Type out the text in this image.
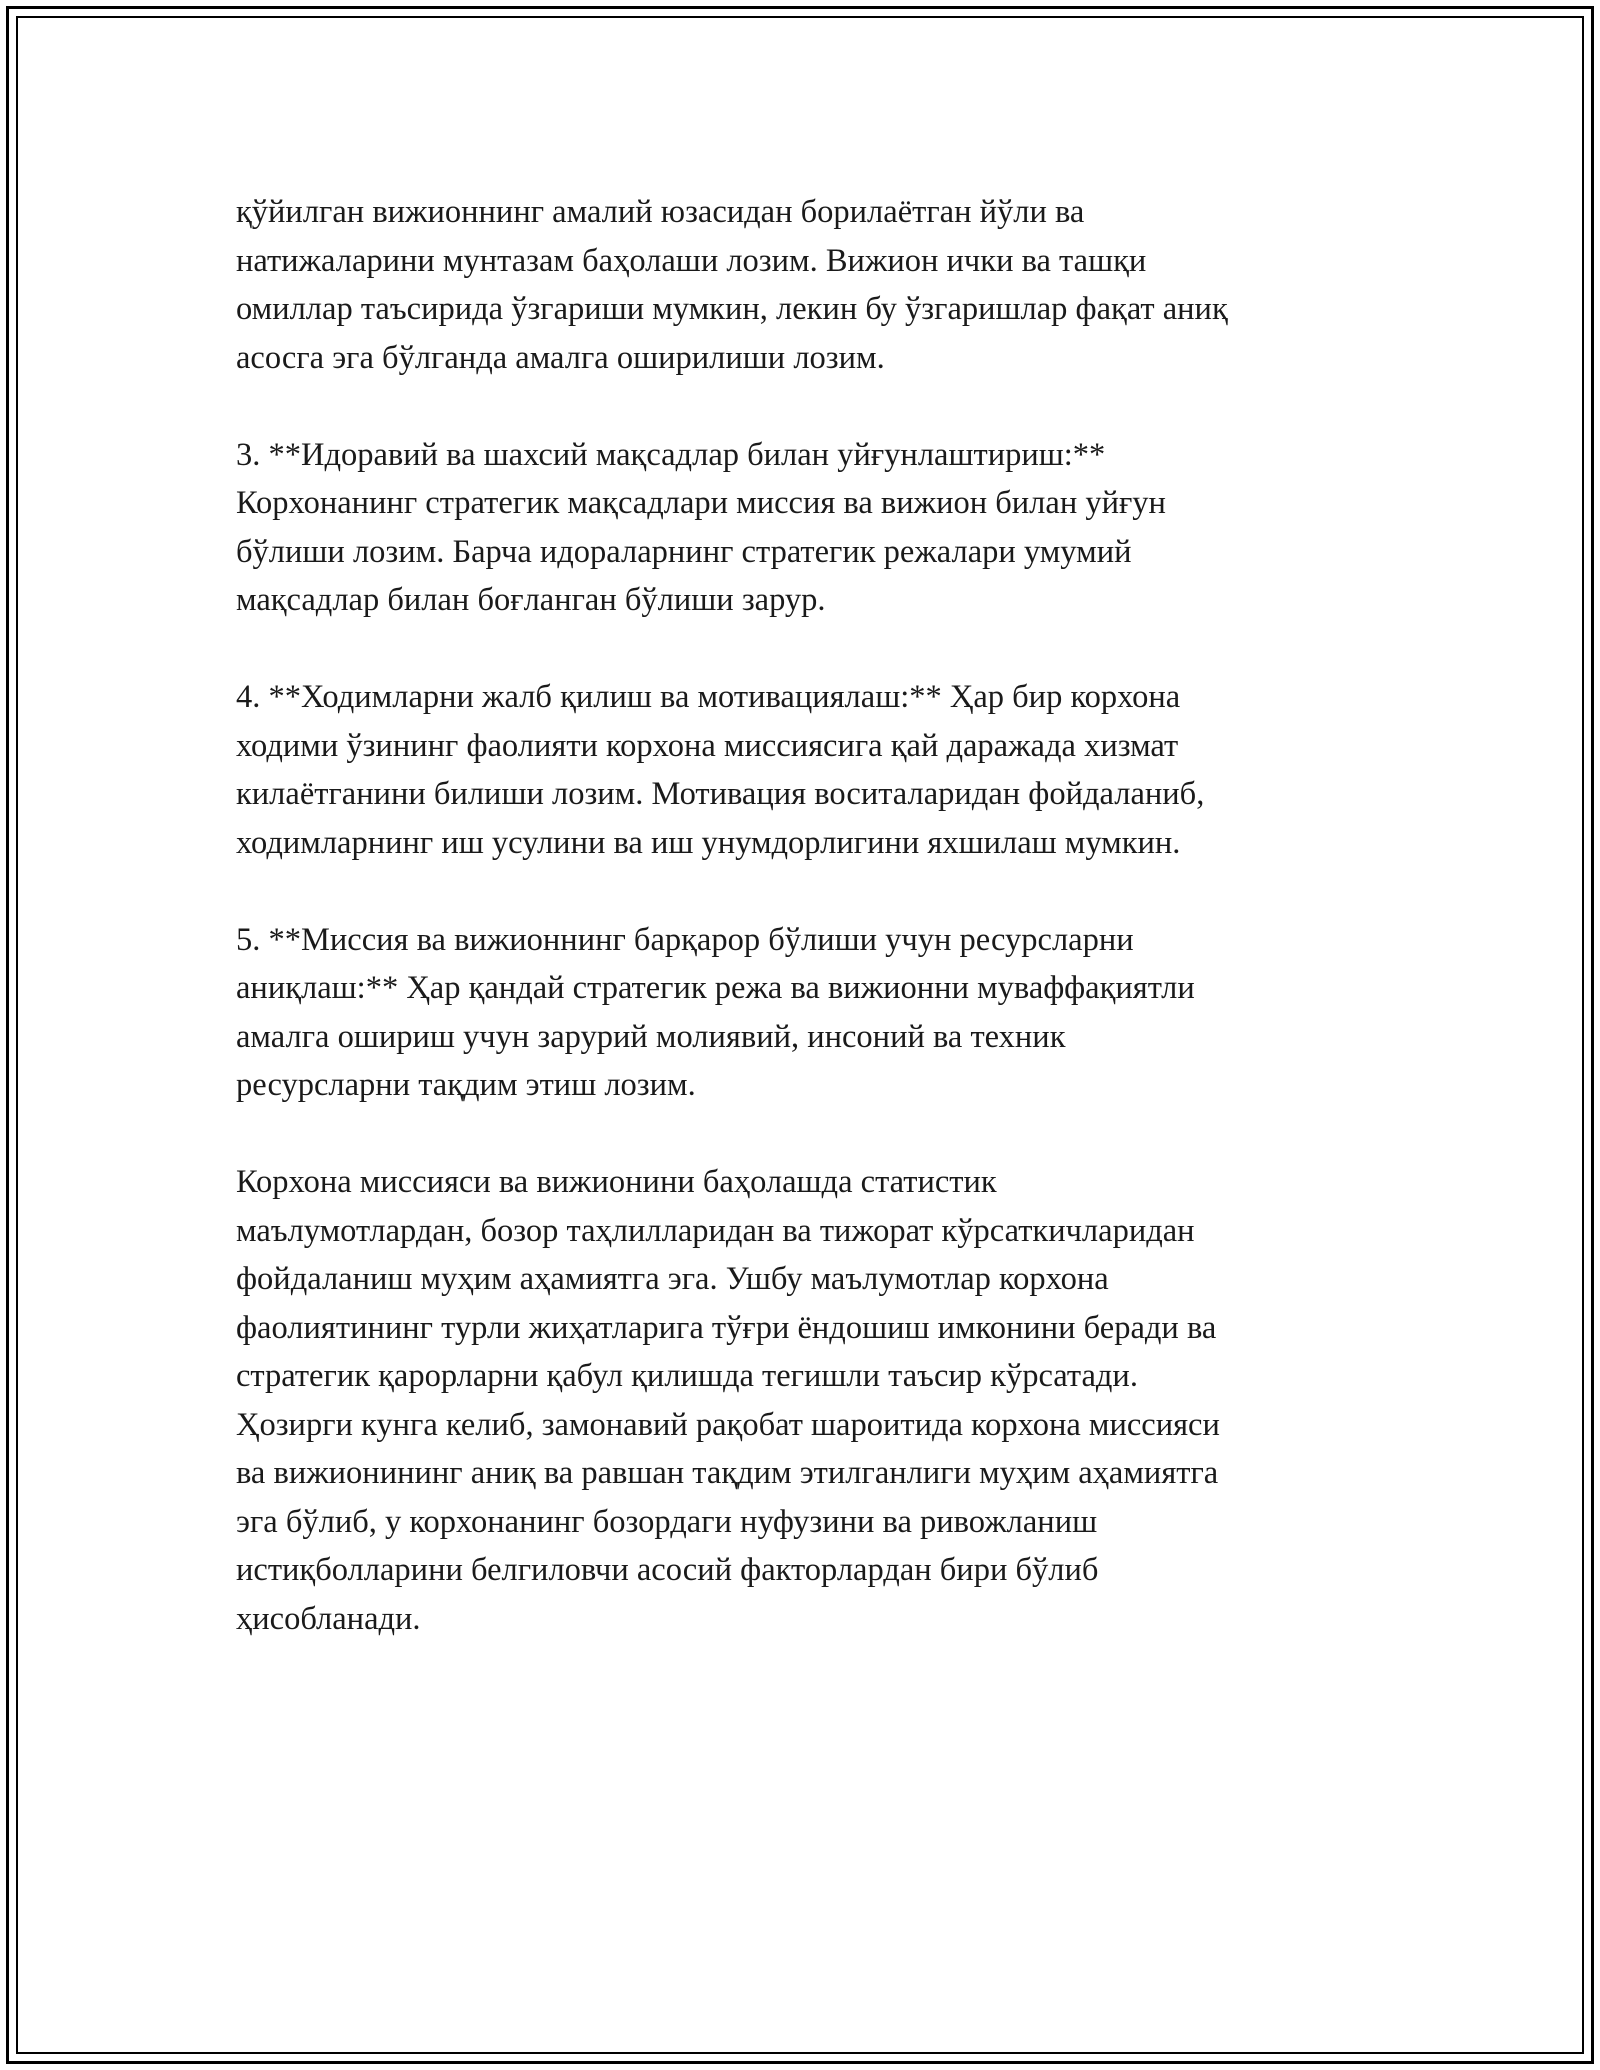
қўйилган вижионнинг амалий юзасидан борилаётган йўли ва
натижаларини мунтазам баҳолаши лозим. Вижион ички ва ташқи
омиллар таъсирида ўзгариши мумкин, лекин бу ўзгаришлар фақат аниқ
асосга эга бўлганда амалга оширилиши лозим.

3. **Идоравий ва шахсий мақсадлар билан уйғунлаштириш:**
Корхонанинг стратегик мақсадлари миссия ва вижион билан уйғун
бўлиши лозим. Барча идораларнинг стратегик режалари умумий
мақсадлар билан боғланган бўлиши зарур.

4. **Ходимларни жалб қилиш ва мотивациялаш:** Ҳар бир корхона
ходими ўзининг фаолияти корхона миссиясига қай даражада хизмат
килаётганини билиши лозим. Мотивация воситаларидан фойдаланиб,
ходимларнинг иш усулини ва иш унумдорлигини яхшилаш мумкин.

5. **Миссия ва вижионнинг барқарор бўлиши учун ресурсларни
аниқлаш:** Ҳар қандай стратегик режа ва вижионни муваффақиятли
амалга ошириш учун зарурий молиявий, инсоний ва техник
ресурсларни тақдим этиш лозим.

Корхона миссияси ва вижионини баҳолашда статистик
маълумотлардан, бозор таҳлилларидан ва тижорат кўрсаткичларидан
фойдаланиш муҳим аҳамиятга эга. Ушбу маълумотлар корхона
фаолиятининг турли жиҳатларига тўғри ёндошиш имконини беради ва
стратегик қарорларни қабул қилишда тегишли таъсир кўрсатади.
Ҳозирги кунга келиб, замонавий рақобат шароитида корхона миссияси
ва вижионининг аниқ ва равшан тақдим этилганлиги муҳим аҳамиятга
эга бўлиб, у корхонанинг бозордаги нуфузини ва ривожланиш
истиқболларини белгиловчи асосий факторлардан бири бўлиб
ҳисобланади.
